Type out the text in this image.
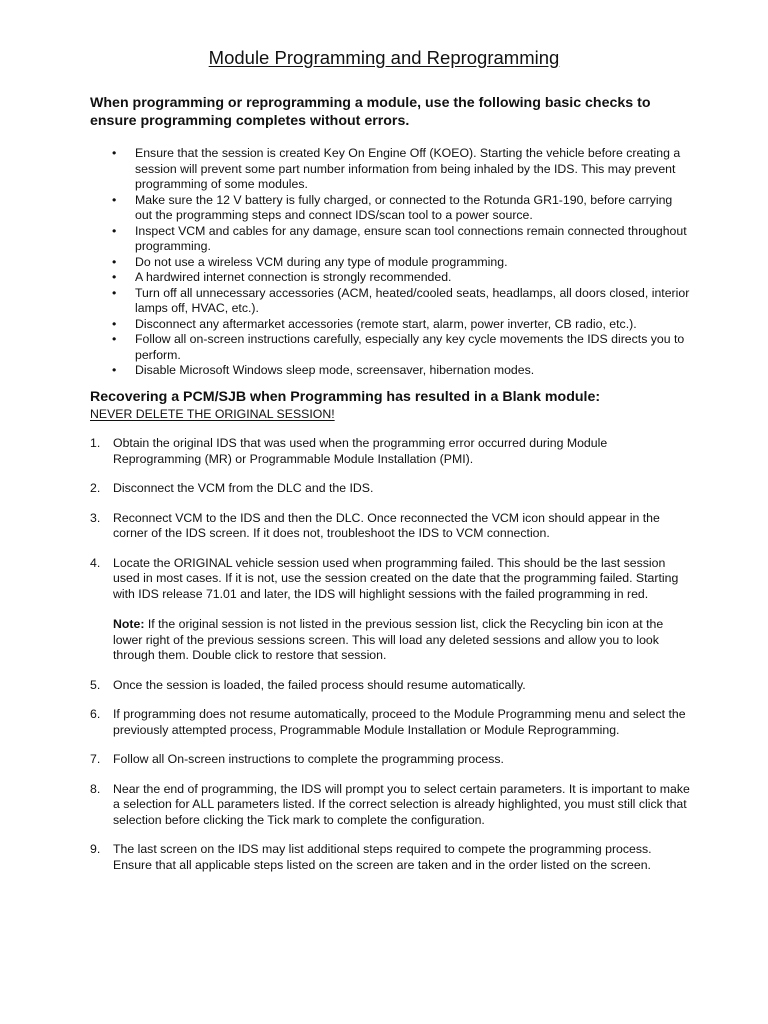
Module Programming and Reprogramming
When programming or reprogramming a module, use the following basic checks to ensure programming completes without errors.
• Ensure that the session is created Key On Engine Off (KOEO). Starting the vehicle before creating a session will prevent some part number information from being inhaled by the IDS. This may prevent programming of some modules.
• Make sure the 12 V battery is fully charged, or connected to the Rotunda GR1-190, before carrying out the programming steps and connect IDS/scan tool to a power source.
• Inspect VCM and cables for any damage, ensure scan tool connections remain connected throughout programming.
• Do not use a wireless VCM during any type of module programming.
• A hardwired internet connection is strongly recommended.
• Turn off all unnecessary accessories (ACM, heated/cooled seats, headlamps, all doors closed, interior lamps off, HVAC, etc.).
• Disconnect any aftermarket accessories (remote start, alarm, power inverter, CB radio, etc.).
• Follow all on-screen instructions carefully, especially any key cycle movements the IDS directs you to perform.
• Disable Microsoft Windows sleep mode, screensaver, hibernation modes.
Recovering a PCM/SJB when Programming has resulted in a Blank module:
NEVER DELETE THE ORIGINAL SESSION!
1. Obtain the original IDS that was used when the programming error occurred during Module Reprogramming (MR) or Programmable Module Installation (PMI).
2. Disconnect the VCM from the DLC and the IDS.
3. Reconnect VCM to the IDS and then the DLC. Once reconnected the VCM icon should appear in the corner of the IDS screen. If it does not, troubleshoot the IDS to VCM connection.
4. Locate the ORIGINAL vehicle session used when programming failed. This should be the last session used in most cases. If it is not, use the session created on the date that the programming failed. Starting with IDS release 71.01 and later, the IDS will highlight sessions with the failed programming in red.
Note: If the original session is not listed in the previous session list, click the Recycling bin icon at the lower right of the previous sessions screen. This will load any deleted sessions and allow you to look through them. Double click to restore that session.
5. Once the session is loaded, the failed process should resume automatically.
6. If programming does not resume automatically, proceed to the Module Programming menu and select the previously attempted process, Programmable Module Installation or Module Reprogramming.
7. Follow all On-screen instructions to complete the programming process.
8. Near the end of programming, the IDS will prompt you to select certain parameters. It is important to make a selection for ALL parameters listed. If the correct selection is already highlighted, you must still click that selection before clicking the Tick mark to complete the configuration.
9. The last screen on the IDS may list additional steps required to compete the programming process. Ensure that all applicable steps listed on the screen are taken and in the order listed on the screen.
